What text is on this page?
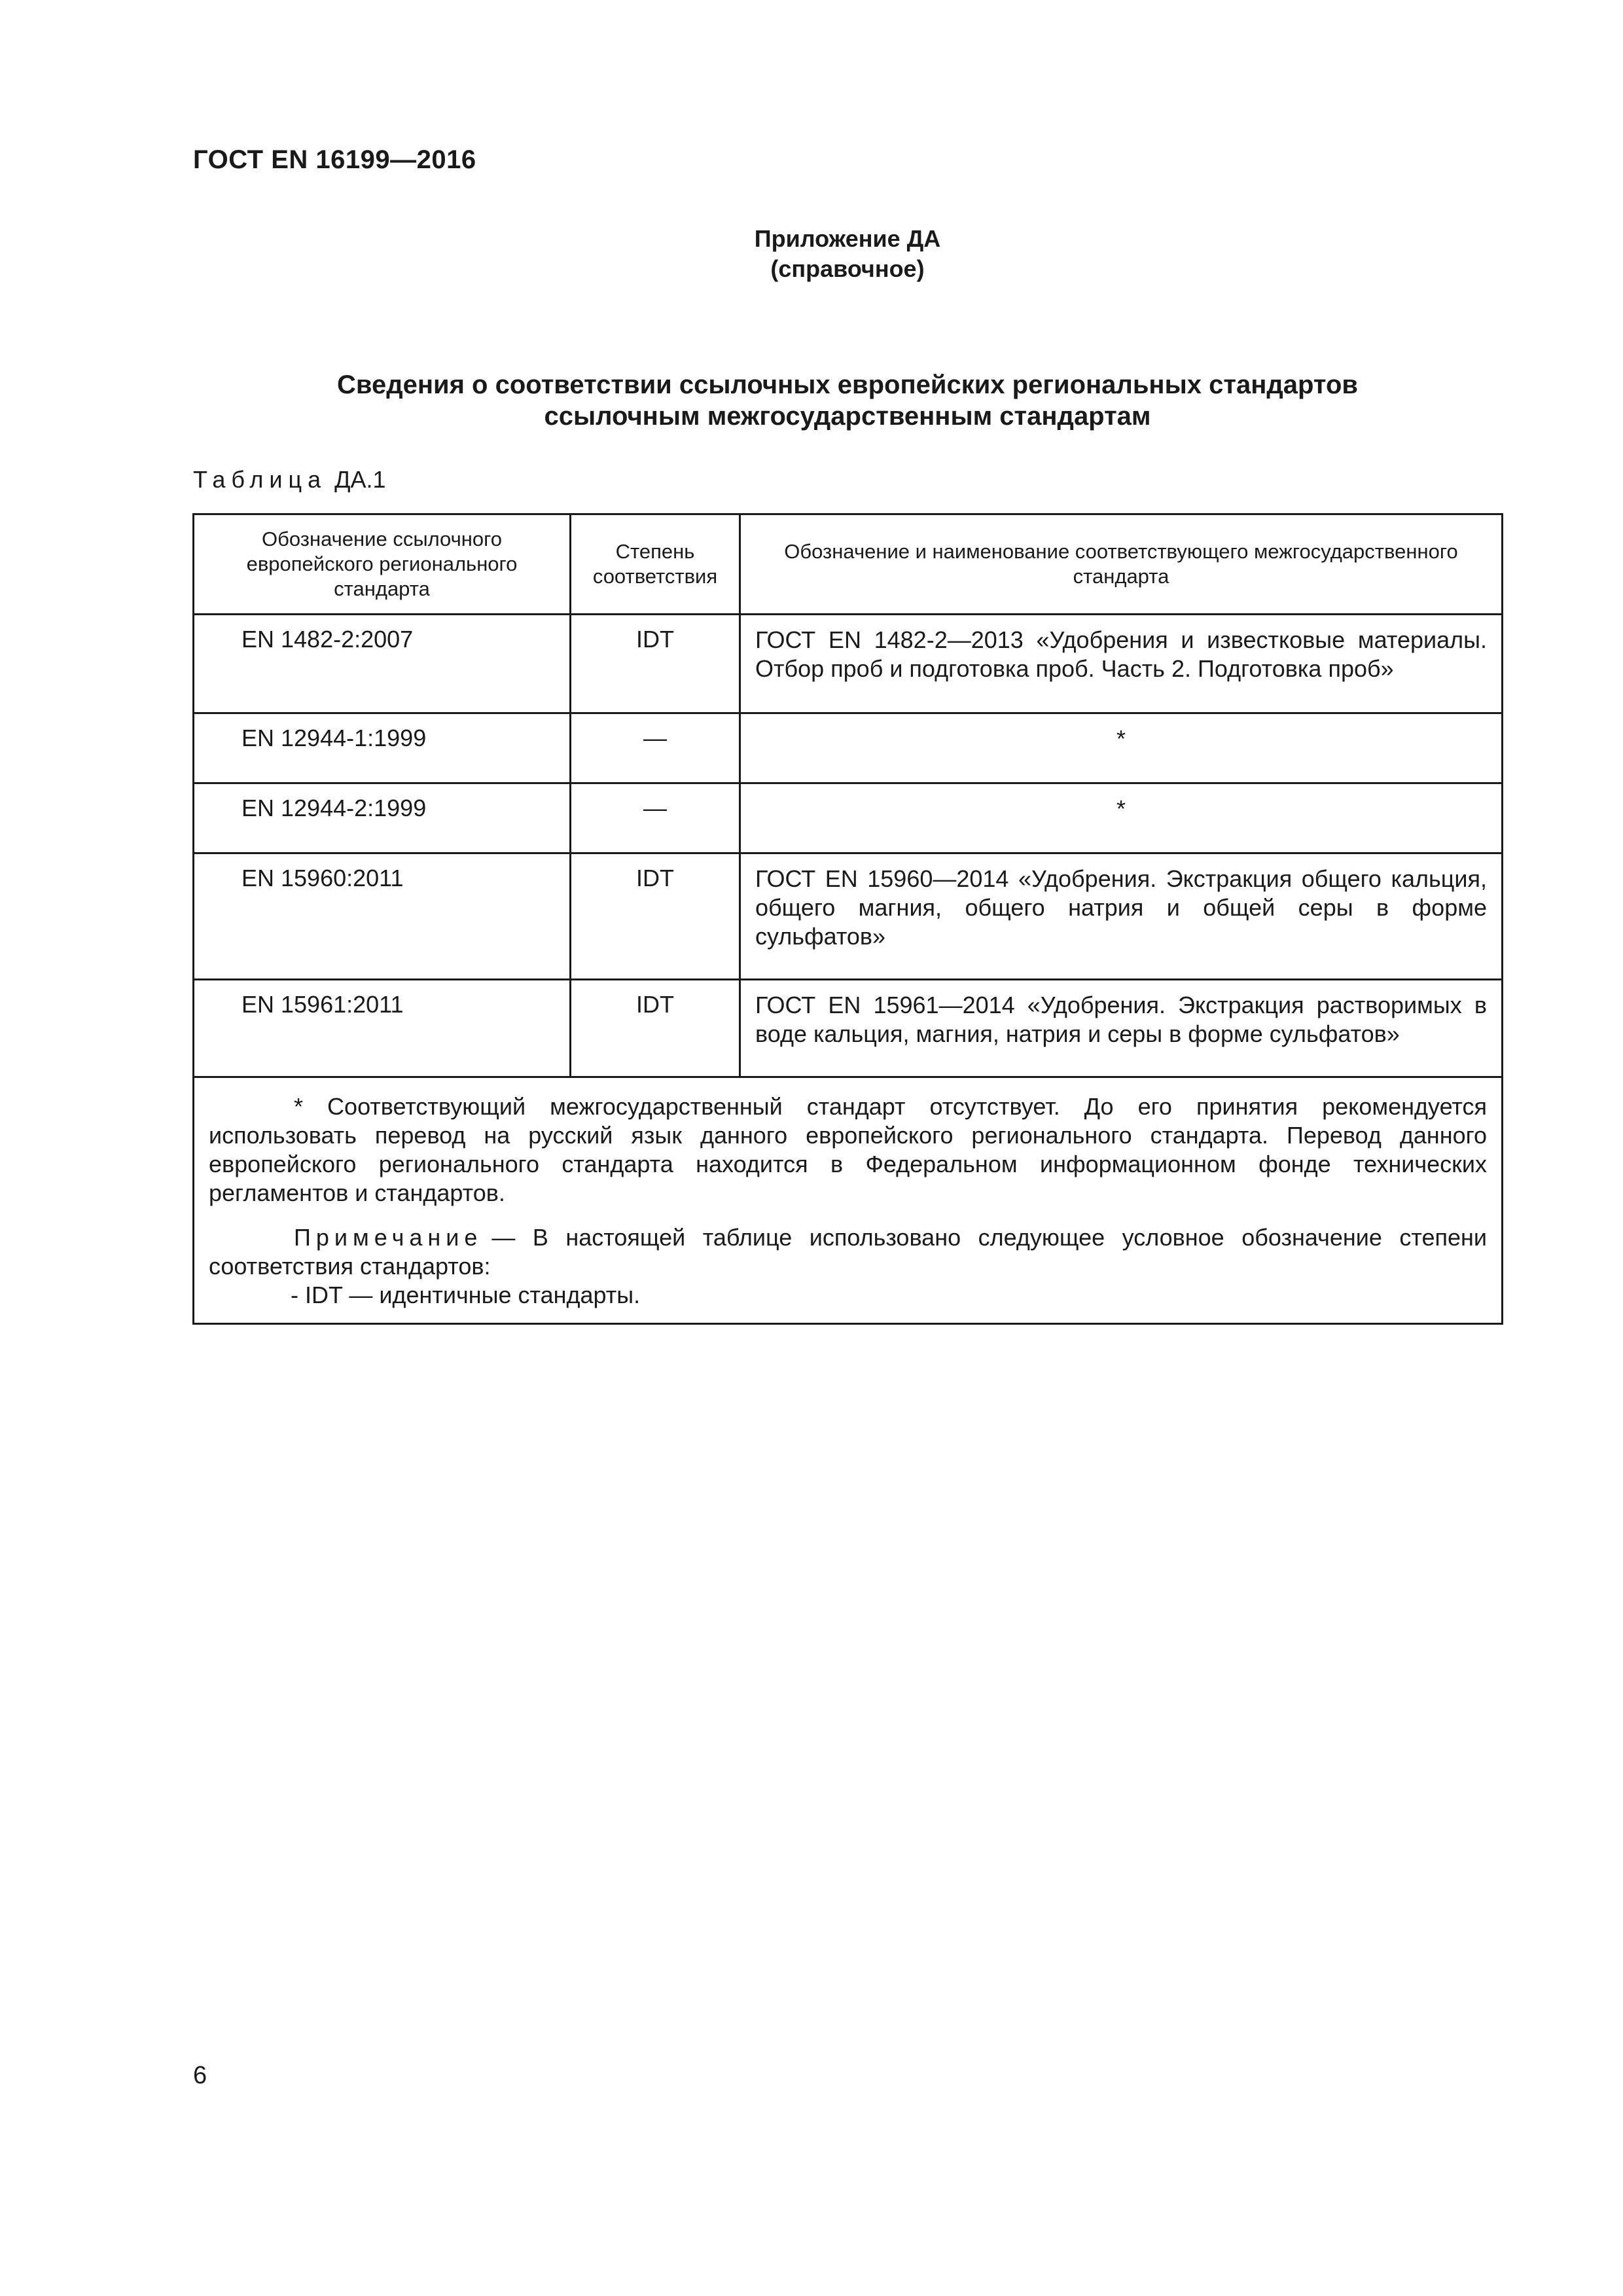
ГОСТ EN 16199—2016
Приложение ДА
(справочное)
Сведения о соответствии ссылочных европейских региональных стандартов
ссылочным межгосударственным стандартам
Таблица ДА.1
Обозначение ссылочного европейского регионального стандарта	Степень соответствия	Обозначение и наименование соответствующего межгосударственного стандарта
EN 1482-2:2007	IDT	ГОСТ EN 1482-2—2013 «Удобрения и известковые материалы. Отбор проб и подготовка проб. Часть 2. Подготовка проб»
EN 12944-1:1999	—	*
EN 12944-2:1999	—	*
EN 15960:2011	IDT	ГОСТ EN 15960—2014 «Удобрения. Экстракция общего кальция, общего магния, общего натрия и общей серы в форме сульфатов»
EN 15961:2011	IDT	ГОСТ EN 15961—2014 «Удобрения. Экстракция растворимых в воде кальция, магния, натрия и серы в форме сульфатов»

* Соответствующий межгосударственный стандарт отсутствует. До его принятия рекомендуется использовать перевод на русский язык данного европейского регионального стандарта. Перевод данного европейского регионального стандарта находится в Федеральном информационном фонде технических регламентов и стандартов.

Примечание — В настоящей таблице использовано следующее условное обозначение степени соответствия стандартов:

- IDT — идентичные стандарты.		

6
